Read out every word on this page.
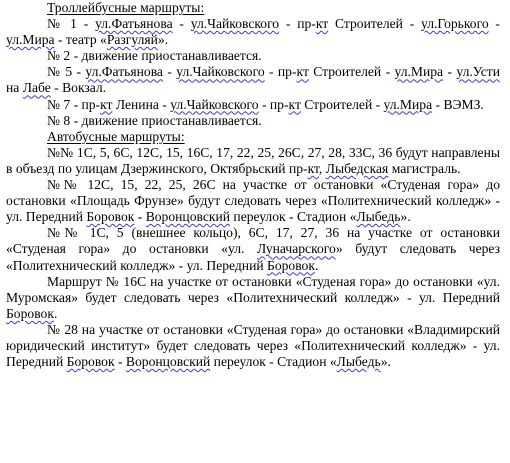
Троллейбусные маршруты:

№ 1 - ул.Фатьянова - ул.Чайковского - пр-кт Строителей - ул.Горького - ул.Мира - театр «Разгуляй».

№ 2 - движение приостанавливается.

№ 5 - ул.Фатьянова - ул.Чайковского - пр-кт Строителей - ул.Мира - ул.Усти на Лабе - Вокзал.

№ 7 - пр-кт Ленина - ул.Чайковского - пр-кт Строителей - ул.Мира - ВЭМЗ.

№ 8 - движение приостанавливается.

Автобусные маршруты:

№№ 1С, 5, 6С, 12С, 15, 16С, 17, 22, 25, 26С, 27, 28, 33С, 36 будут направлены в объезд по улицам Дзержинского, Октябрьский пр-кт, Лыбедская магистраль.

№№ 12С, 15, 22, 25, 26С на участке от остановки «Студеная гора» до остановки «Площадь Фрунзе» будут следовать через «Политехнический колледж» - ул. Передний Боровок - Воронцовский переулок - Стадион «Лыбедь».

№№ 1С, 5 (внешнее кольцо), 6С, 17, 27, 36 на участке от остановки «Студеная гора» до остановки «ул. Луначарского» будут следовать через «Политехнический колледж» - ул. Передний Боровок.

Маршрут № 16С на участке от остановки «Студеная гора» до остановки «ул. Муромская» будет следовать через «Политехнический колледж» - ул. Передний Боровок.

№ 28 на участке от остановки «Студеная гора» до остановки «Владимирский юридический институт» будет следовать через «Политехнический колледж» - ул. Передний Боровок - Воронцовский переулок - Стадион «Лыбедь».
